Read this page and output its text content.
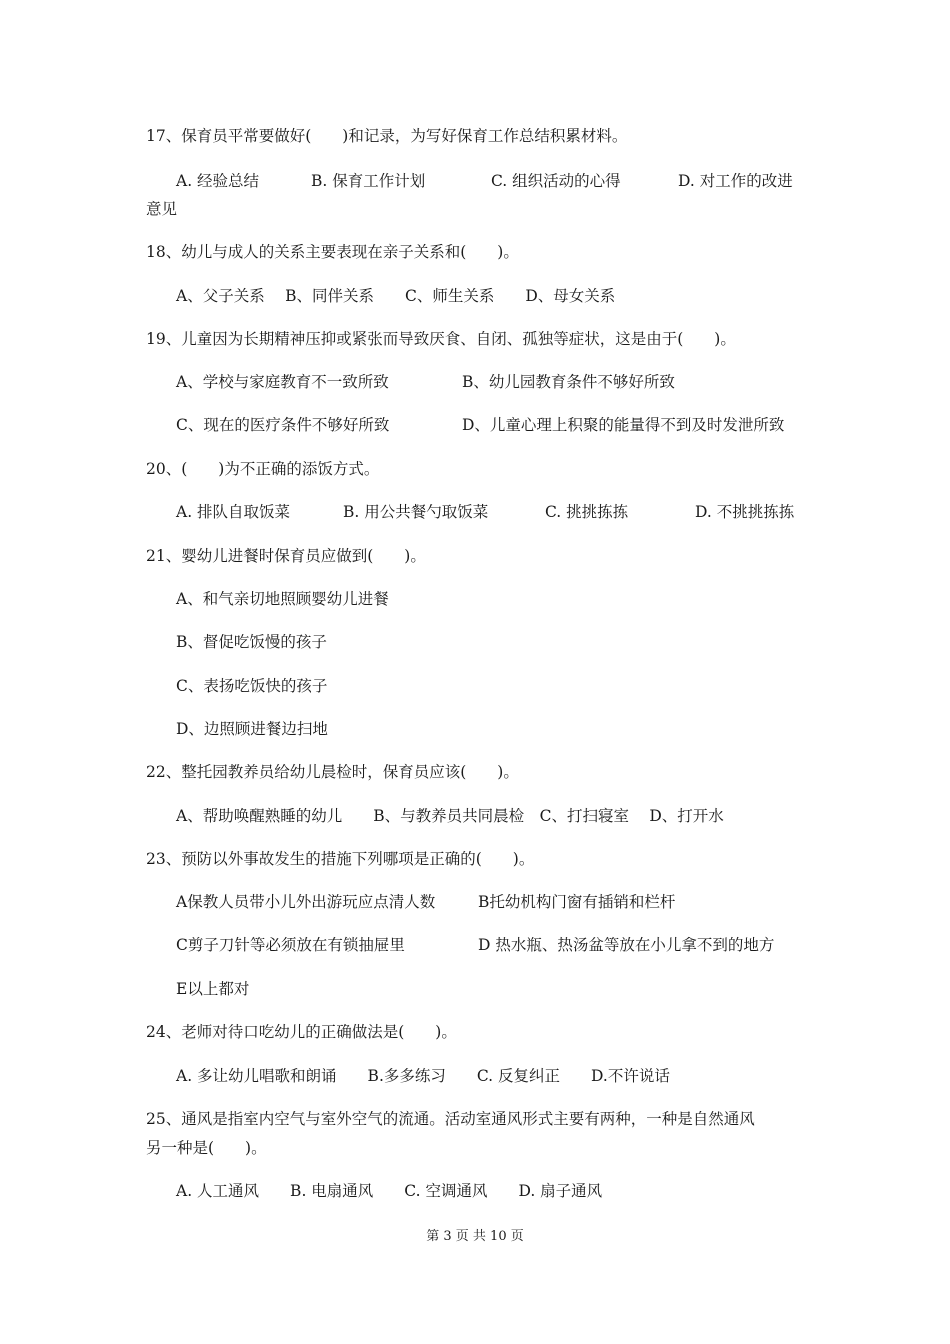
17、保育员平常要做好(　　)和记录，为写好保育工作总结积累材料。
A. 经验总结	B. 保育工作计划	C. 组织活动的心得	D. 对工作的改进
意见
18、幼儿与成人的关系主要表现在亲子关系和(　　)。
A、父子关系　 B、同伴关系　　C、师生关系　　D、母女关系
19、儿童因为长期精神压抑或紧张而导致厌食、自闭、孤独等症状，这是由于(　　)。
A、学校与家庭教育不一致所致	B、幼儿园教育条件不够好所致
C、现在的医疗条件不够好所致	D、儿童心理上积聚的能量得不到及时发泄所致
20、(　　)为不正确的添饭方式。
A. 排队自取饭菜	B. 用公共餐勺取饭菜	C. 挑挑拣拣	D. 不挑挑拣拣
21、婴幼儿进餐时保育员应做到(　　)。
A、和气亲切地照顾婴幼儿进餐
B、督促吃饭慢的孩子
C、表扬吃饭快的孩子
D、边照顾进餐边扫地
22、整托园教养员给幼儿晨检时，保育员应该(　　)。
A、帮助唤醒熟睡的幼儿　　B、与教养员共同晨检　C、打扫寝室　 D、打开水
23、预防以外事故发生的措施下列哪项是正确的(　　)。
A保教人员带小儿外出游玩应点清人数	B托幼机构门窗有插销和栏杆
C剪子刀针等必须放在有锁抽屉里	D 热水瓶、热汤盆等放在小儿拿不到的地方
E以上都对
24、老师对待口吃幼儿的正确做法是(　　)。
A. 多让幼儿唱歌和朗诵　　B.多多练习　　C. 反复纠正　　D.不许说话
25、通风是指室内空气与室外空气的流通。活动室通风形式主要有两种，一种是自然通风
另一种是(　　)。
A. 人工通风　　B. 电扇通风　　C. 空调通风　　D. 扇子通风
第 3 页 共 10 页
